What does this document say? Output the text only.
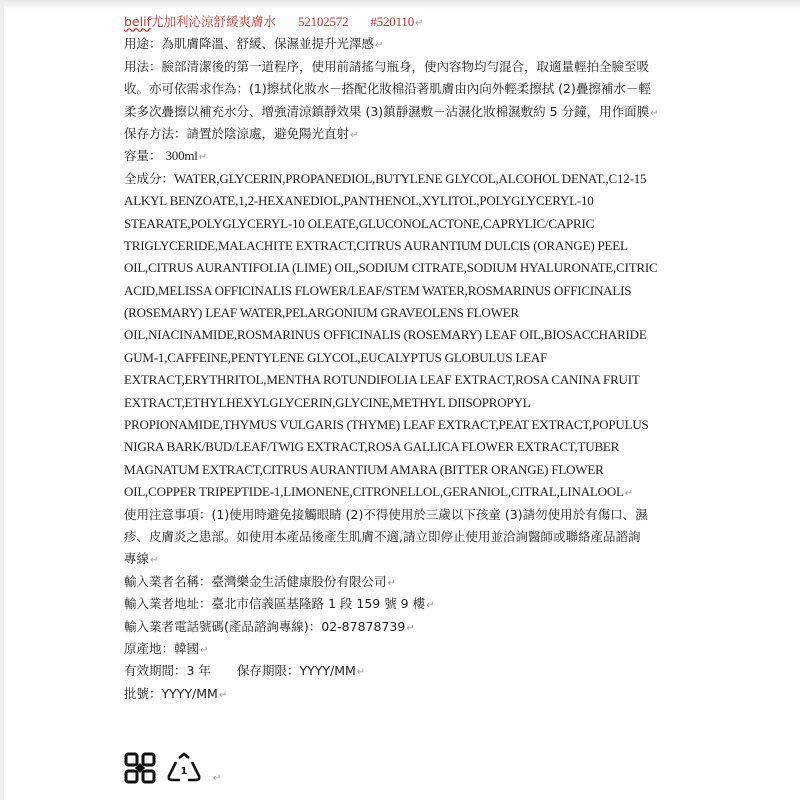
belif尤加利沁涼舒緩爽膚水 52102572 #520110↵
用途：為肌膚降溫、舒緩、保濕並提升光澤感↵
用法：臉部清潔後的第一道程序，使用前請搖勻瓶身，使內容物均勻混合，取適量輕拍全臉至吸
收。亦可依需求作為：(1)擦拭化妝水－搭配化妝棉沿著肌膚由內向外輕柔擦拭 (2)疊擦補水－輕
柔多次疊擦以補充水分、增強清涼鎮靜效果 (3)鎮靜濕敷－沾濕化妝棉濕敷約 5 分鐘，用作面膜↵
保存方法：請置於陰涼處，避免陽光直射↵
容量： 300ml↵
全成分：WATER,GLYCERIN,PROPANEDIOL,BUTYLENE GLYCOL,ALCOHOL DENAT.,C12-15
ALKYL BENZOATE,1,2-HEXANEDIOL,PANTHENOL,XYLITOL,POLYGLYCERYL-10
STEARATE,POLYGLYCERYL-10 OLEATE,GLUCONOLACTONE,CAPRYLIC/CAPRIC
TRIGLYCERIDE,MALACHITE EXTRACT,CITRUS AURANTIUM DULCIS (ORANGE) PEEL
OIL,CITRUS AURANTIFOLIA (LIME) OIL,SODIUM CITRATE,SODIUM HYALURONATE,CITRIC
ACID,MELISSA OFFICINALIS FLOWER/LEAF/STEM WATER,ROSMARINUS OFFICINALIS
(ROSEMARY) LEAF WATER,PELARGONIUM GRAVEOLENS FLOWER
OIL,NIACINAMIDE,ROSMARINUS OFFICINALIS (ROSEMARY) LEAF OIL,BIOSACCHARIDE
GUM-1,CAFFEINE,PENTYLENE GLYCOL,EUCALYPTUS GLOBULUS LEAF
EXTRACT,ERYTHRITOL,MENTHA ROTUNDIFOLIA LEAF EXTRACT,ROSA CANINA FRUIT
EXTRACT,ETHYLHEXYLGLYCERIN,GLYCINE,METHYL DIISOPROPYL
PROPIONAMIDE,THYMUS VULGARIS (THYME) LEAF EXTRACT,PEAT EXTRACT,POPULUS
NIGRA BARK/BUD/LEAF/TWIG EXTRACT,ROSA GALLICA FLOWER EXTRACT,TUBER
MAGNATUM EXTRACT,CITRUS AURANTIUM AMARA (BITTER ORANGE) FLOWER
OIL,COPPER TRIPEPTIDE-1,LIMONENE,CITRONELLOL,GERANIOL,CITRAL,LINALOOL↵
使用注意事項：(1)使用時避免接觸眼睛 (2)不得使用於三歲以下孩童 (3)請勿使用於有傷口、濕
疹、皮膚炎之患部。如使用本產品後產生肌膚不適,請立即停止使用並洽詢醫師或聯絡產品諮詢
專線↵
輸入業者名稱：臺灣樂金生活健康股份有限公司↵
輸入業者地址：臺北市信義區基隆路 1 段 159 號 9 樓↵
輸入業者電話號碼(產品諮詢專線)：02-87878739↵
原產地：韓國↵
有效期間：3 年 保存期限：YYYY/MM↵
批號：YYYY/MM↵
1
↵
